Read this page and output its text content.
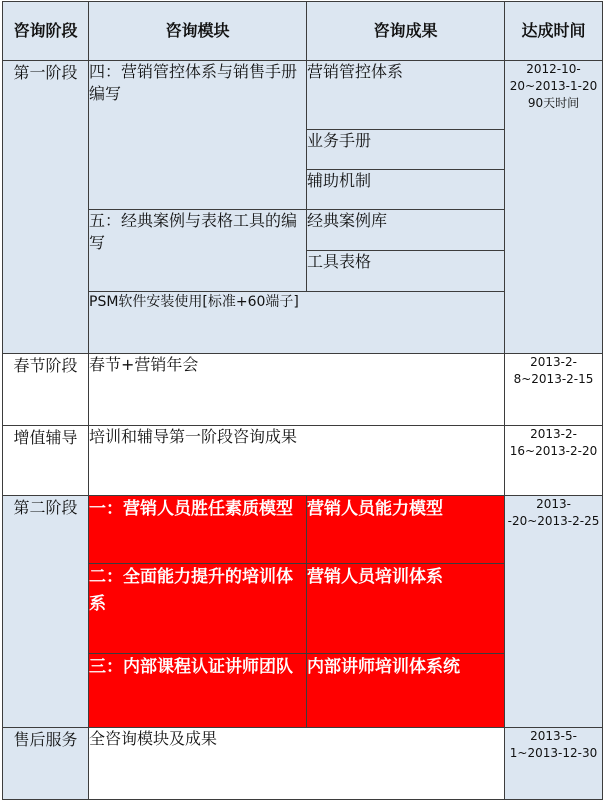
咨询阶段	咨询模块	咨询成果	达成时间

第一阶段	四：营销管控体系与销售手册编写	营销管控体系	2012-10-20~2013-1-20
90天时间

		业务手册	
		辅助机制	
	五：经典案例与表格工具的编写	经典案例库	
		工具表格	
	PSM软件安装使用[标准+60端子]		
春节阶段	春节+营销年会		2013-2-8~2013-2-15
增值辅导	培训和辅导第一阶段咨询成果		2013-2-16~2013-2-20
第二阶段	一：营销人员胜任素质模型	营销人员能力模型	2013--20~2013-2-25
	二：全面能力提升的培训体系	营销人员培训体系	
	三：内部课程认证讲师团队	内部讲师培训体系统	
售后服务	全咨询模块及成果		2013-5-1~2013-12-30
